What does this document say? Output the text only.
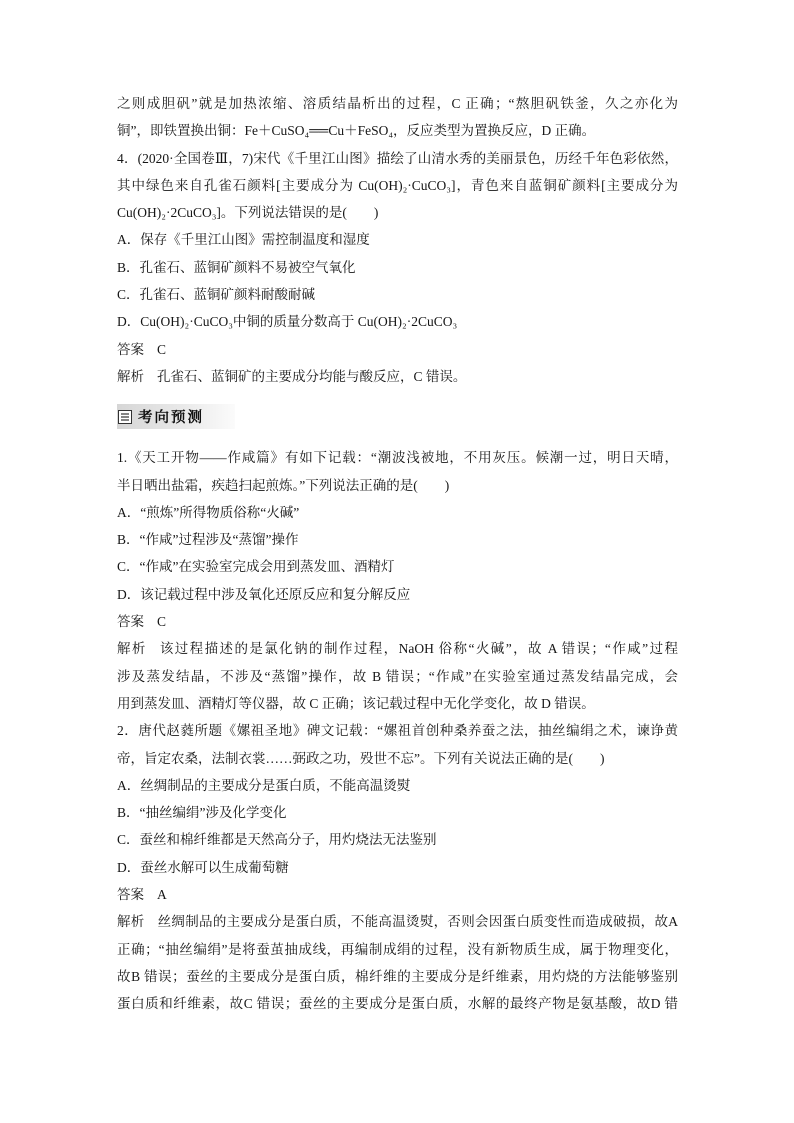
之则成胆矾”就是加热浓缩、溶质结晶析出的过程，C 正确；“熬胆矾铁釜，久之亦化为
铜”，即铁置换出铜：Fe＋CuSO₄══Cu＋FeSO₄，反应类型为置换反应，D 正确。
4．(2020·全国卷Ⅲ，7)宋代《千里江山图》描绘了山清水秀的美丽景色，历经千年色彩依然，
其中绿色来自孔雀石颜料[主要成分为 Cu(OH)₂·CuCO₃]，青色来自蓝铜矿颜料[主要成分为
Cu(OH)₂·2CuCO₃]。下列说法错误的是(　　)
A．保存《千里江山图》需控制温度和湿度
B．孔雀石、蓝铜矿颜料不易被空气氧化
C．孔雀石、蓝铜矿颜料耐酸耐碱
D．Cu(OH)₂·CuCO₃中铜的质量分数高于 Cu(OH)₂·2CuCO₃
答案 C
解析 孔雀石、蓝铜矿的主要成分均能与酸反应，C 错误。
考向预测
1.《天工开物——作咸篇》有如下记载：“潮波浅被地，不用灰压。候潮一过，明日天晴，
半日晒出盐霜，疾趋扫起煎炼。”下列说法正确的是(　　)
A．“煎炼”所得物质俗称“火碱”
B．“作咸”过程涉及“蒸馏”操作
C．“作咸”在实验室完成会用到蒸发皿、酒精灯
D．该记载过程中涉及氧化还原反应和复分解反应
答案 C
解析 该过程描述的是氯化钠的制作过程，NaOH 俗称“火碱”，故 A 错误；“作咸”过程
涉及蒸发结晶，不涉及“蒸馏”操作，故 B 错误；“作咸”在实验室通过蒸发结晶完成，会
用到蒸发皿、酒精灯等仪器，故 C 正确；该记载过程中无化学变化，故 D 错误。
2．唐代赵蕤所题《嫘祖圣地》碑文记载：“嫘祖首创种桑养蚕之法，抽丝编绢之术，谏诤黄
帝，旨定农桑，法制衣裳……弼政之功，殁世不忘”。下列有关说法正确的是(　　)
A．丝绸制品的主要成分是蛋白质，不能高温烫熨
B．“抽丝编绢”涉及化学变化
C．蚕丝和棉纤维都是天然高分子，用灼烧法无法鉴别
D．蚕丝水解可以生成葡萄糖
答案 A
解析 丝绸制品的主要成分是蛋白质，不能高温烫熨，否则会因蛋白质变性而造成破损，故A
正确；“抽丝编绢”是将蚕茧抽成线，再编制成绢的过程，没有新物质生成，属于物理变化，
故B 错误；蚕丝的主要成分是蛋白质，棉纤维的主要成分是纤维素，用灼烧的方法能够鉴别
蛋白质和纤维素，故C 错误；蚕丝的主要成分是蛋白质，水解的最终产物是氨基酸，故D 错
